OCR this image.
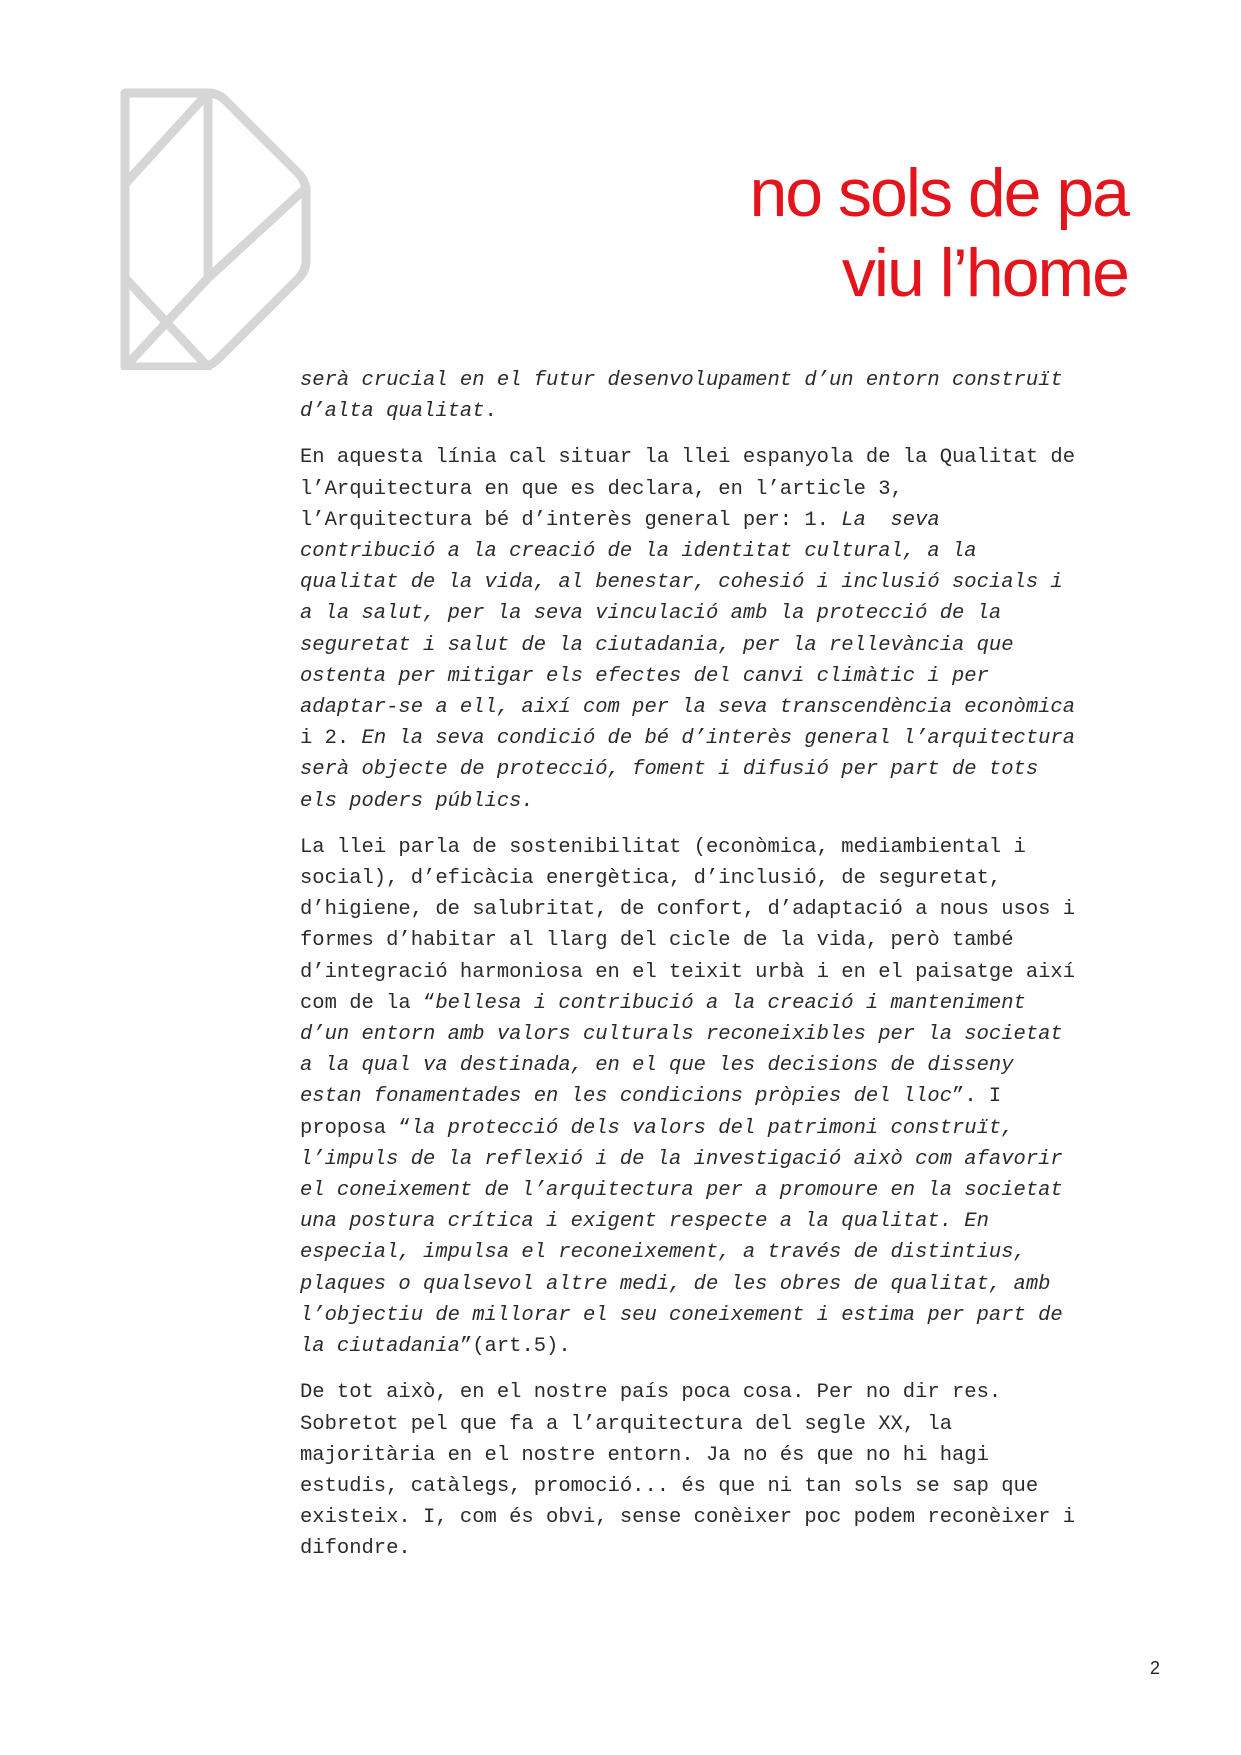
no sols de pa
viu l’home

serà crucial en el futur desenvolupament d’un entorn construït
d’alta qualitat.

En aquesta línia cal situar la llei espanyola de la Qualitat de
l’Arquitectura en que es declara, en l’article 3,
l’Arquitectura bé d’interès general per: 1. La  seva
contribució a la creació de la identitat cultural, a la
qualitat de la vida, al benestar, cohesió i inclusió socials i
a la salut, per la seva vinculació amb la protecció de la
seguretat i salut de la ciutadania, per la rellevància que
ostenta per mitigar els efectes del canvi climàtic i per
adaptar-se a ell, així com per la seva transcendència econòmica
i 2. En la seva condició de bé d’interès general l’arquitectura
serà objecte de protecció, foment i difusió per part de tots
els poders públics.

La llei parla de sostenibilitat (econòmica, mediambiental i
social), d’eficàcia energètica, d’inclusió, de seguretat,
d’higiene, de salubritat, de confort, d’adaptació a nous usos i
formes d’habitar al llarg del cicle de la vida, però també
d’integració harmoniosa en el teixit urbà i en el paisatge així
com de la “bellesa i contribució a la creació i manteniment
d’un entorn amb valors culturals reconeixibles per la societat
a la qual va destinada, en el que les decisions de disseny
estan fonamentades en les condicions pròpies del lloc”. I
proposa “la protecció dels valors del patrimoni construït,
l’impuls de la reflexió i de la investigació això com afavorir
el coneixement de l’arquitectura per a promoure en la societat
una postura crítica i exigent respecte a la qualitat. En
especial, impulsa el reconeixement, a través de distintius,
plaques o qualsevol altre medi, de les obres de qualitat, amb
l’objectiu de millorar el seu coneixement i estima per part de
la ciutadania”(art.5).

De tot això, en el nostre país poca cosa. Per no dir res.
Sobretot pel que fa a l’arquitectura del segle XX, la
majoritària en el nostre entorn. Ja no és que no hi hagi
estudis, catàlegs, promoció... és que ni tan sols se sap que
existeix. I, com és obvi, sense conèixer poc podem reconèixer i
difondre.

2
